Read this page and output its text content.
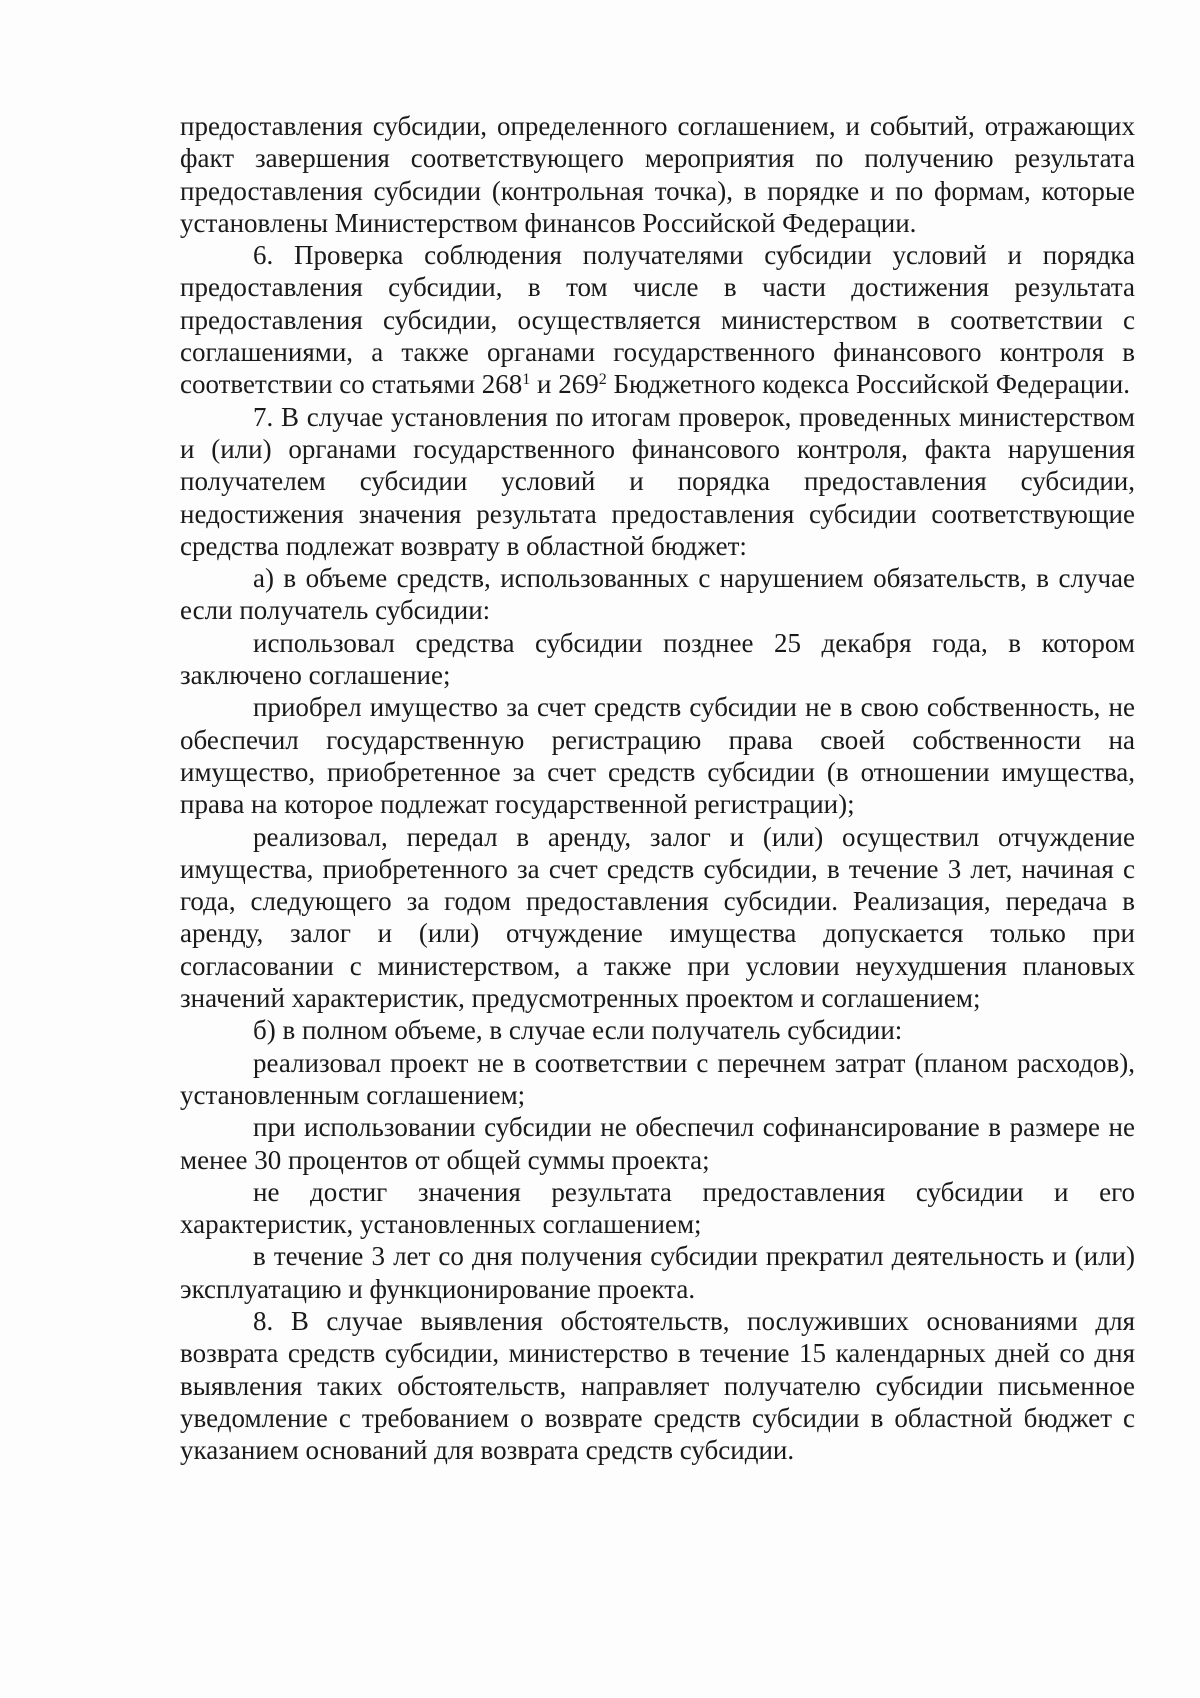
предоставления субсидии, определенного соглашением, и событий, отражающих факт завершения соответствующего мероприятия по получению результата предоставления субсидии (контрольная точка), в порядке и по формам, которые установлены Министерством финансов Российской Федерации.

6. Проверка соблюдения получателями субсидии условий и порядка предоставления субсидии, в том числе в части достижения результата предоставления субсидии, осуществляется министерством в соответствии с соглашениями, а также органами государственного финансового контроля в соответствии со статьями $268^1$ и $269^2$ Бюджетного кодекса Российской Федерации.

7. В случае установления по итогам проверок, проведенных министерством и (или) органами государственного финансового контроля, факта нарушения получателем субсидии условий и порядка предоставления субсидии, недостижения значения результата предоставления субсидии соответствующие средства подлежат возврату в областной бюджет:

а) в объеме средств, использованных с нарушением обязательств, в случае если получатель субсидии:

использовал средства субсидии позднее 25 декабря года, в котором заключено соглашение;

приобрел имущество за счет средств субсидии не в свою собственность, не обеспечил государственную регистрацию права своей собственности на имущество, приобретенное за счет средств субсидии (в отношении имущества, права на которое подлежат государственной регистрации);

реализовал, передал в аренду, залог и (или) осуществил отчуждение имущества, приобретенного за счет средств субсидии, в течение 3 лет, начиная с года, следующего за годом предоставления субсидии. Реализация, передача в аренду, залог и (или) отчуждение имущества допускается только при согласовании с министерством, а также при условии неухудшения плановых значений характеристик, предусмотренных проектом и соглашением;

б) в полном объеме, в случае если получатель субсидии:

реализовал проект не в соответствии с перечнем затрат (планом расходов), установленным соглашением;

при использовании субсидии не обеспечил софинансирование в размере не менее 30 процентов от общей суммы проекта;

не достиг значения результата предоставления субсидии и его характеристик, установленных соглашением;

в течение 3 лет со дня получения субсидии прекратил деятельность и (или) эксплуатацию и функционирование проекта.

8. В случае выявления обстоятельств, послуживших основаниями для возврата средств субсидии, министерство в течение 15 календарных дней со дня выявления таких обстоятельств, направляет получателю субсидии письменное уведомление с требованием о возврате средств субсидии в областной бюджет с указанием оснований для возврата средств субсидии.
